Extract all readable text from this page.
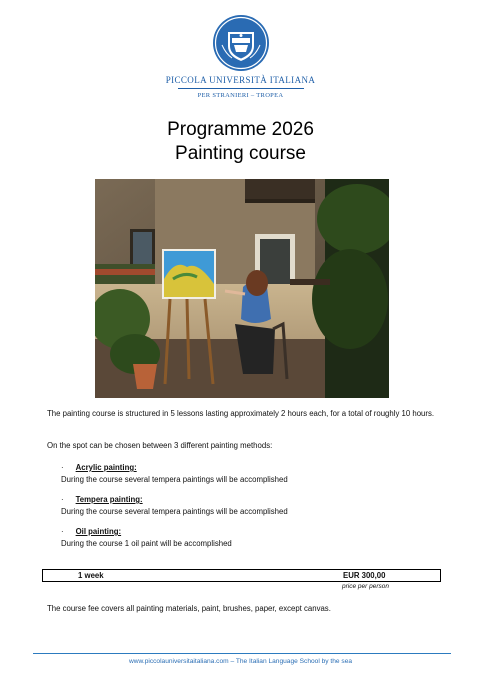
PICCOLA UNIVERSITÀ ITALIANA
PER STRANIERI – TROPEA
Programme 2026
Painting course
The painting course is structured in 5 lessons lasting approximately 2 hours each, for a total of roughly 10 hours.
On the spot can be chosen between 3 different painting methods:
· Acrylic painting:
During the course several tempera paintings will be accomplished
· Tempera painting:
During the course several tempera paintings will be accomplished
· Oil painting:
During the course 1 oil paint will be accomplished
1 week	EUR 300,00
price per person
The course fee covers all painting materials, paint, brushes, paper, except canvas.
www.piccolauniversitaitaliana.com – The Italian Language School by the sea
